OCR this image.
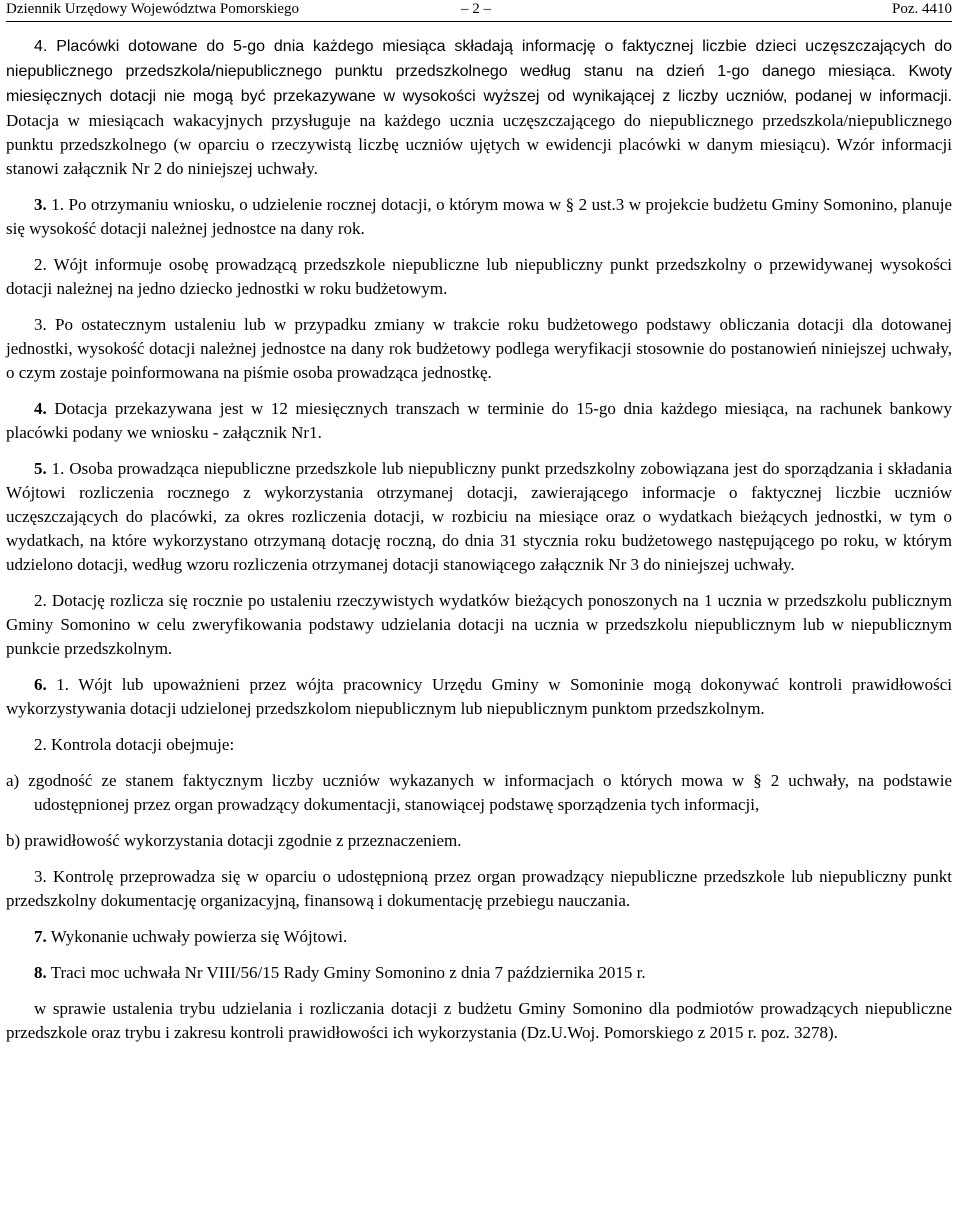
Dziennik Urzędowy Województwa Pomorskiego	– 2 –	Poz. 4410

4. Placówki dotowane do 5-go dnia każdego miesiąca składają informację o faktycznej liczbie dzieci uczęszczających do niepublicznego przedszkola/niepublicznego punktu przedszkolnego według stanu na dzień 1-go danego miesiąca. Kwoty miesięcznych dotacji nie mogą być przekazywane w wysokości wyższej od wynikającej z liczby uczniów, podanej w informacji. Dotacja w miesiącach wakacyjnych przysługuje na każdego ucznia uczęszczającego do niepublicznego przedszkola/niepublicznego punktu przedszkolnego (w oparciu o rzeczywistą liczbę uczniów ujętych w ewidencji placówki w danym miesiącu). Wzór informacji stanowi załącznik Nr 2 do niniejszej uchwały.

3. 1. Po otrzymaniu wniosku, o udzielenie rocznej dotacji, o którym mowa w § 2 ust.3 w projekcie budżetu Gminy Somonino, planuje się wysokość dotacji należnej jednostce na dany rok.

2. Wójt informuje osobę prowadzącą przedszkole niepubliczne lub niepubliczny punkt przedszkolny o przewidywanej wysokości dotacji należnej na jedno dziecko jednostki w roku budżetowym.

3. Po ostatecznym ustaleniu lub w przypadku zmiany w trakcie roku budżetowego podstawy obliczania dotacji dla dotowanej jednostki, wysokość dotacji należnej jednostce na dany rok budżetowy podlega weryfikacji stosownie do postanowień niniejszej uchwały, o czym zostaje poinformowana na piśmie osoba prowadząca jednostkę.

4. Dotacja przekazywana jest w 12 miesięcznych transzach w terminie do 15-go dnia każdego miesiąca, na rachunek bankowy placówki podany we wniosku - załącznik Nr1.

5. 1. Osoba prowadząca niepubliczne przedszkole lub niepubliczny punkt przedszkolny zobowiązana jest do sporządzania i składania Wójtowi rozliczenia rocznego z wykorzystania otrzymanej dotacji, zawierającego informacje o faktycznej liczbie uczniów uczęszczających do placówki, za okres rozliczenia dotacji, w rozbiciu na miesiące oraz o wydatkach bieżących jednostki, w tym o wydatkach, na które wykorzystano otrzymaną dotację roczną, do dnia 31 stycznia roku budżetowego następującego po roku, w którym udzielono dotacji, według wzoru rozliczenia otrzymanej dotacji stanowiącego załącznik Nr 3 do niniejszej uchwały.

2. Dotację rozlicza się rocznie po ustaleniu rzeczywistych wydatków bieżących ponoszonych na 1 ucznia w przedszkolu publicznym Gminy Somonino w celu zweryfikowania podstawy udzielania dotacji na ucznia w przedszkolu niepublicznym lub w niepublicznym punkcie przedszkolnym.

6. 1. Wójt lub upoważnieni przez wójta pracownicy Urzędu Gminy w Somoninie mogą dokonywać kontroli prawidłowości wykorzystywania dotacji udzielonej przedszkolom niepublicznym lub niepublicznym punktom przedszkolnym.

2. Kontrola dotacji obejmuje:

a) zgodność ze stanem faktycznym liczby uczniów wykazanych w informacjach o których mowa w § 2 uchwały, na podstawie udostępnionej przez organ prowadzący dokumentacji, stanowiącej podstawę sporządzenia tych informacji,

b) prawidłowość wykorzystania dotacji zgodnie z przeznaczeniem.

3. Kontrolę przeprowadza się w oparciu o udostępnioną przez organ prowadzący niepubliczne przedszkole lub niepubliczny punkt przedszkolny dokumentację organizacyjną, finansową i dokumentację przebiegu nauczania.

7. Wykonanie uchwały powierza się Wójtowi.

8. Traci moc uchwała Nr VIII/56/15 Rady Gminy Somonino z dnia 7 października 2015 r.

w sprawie ustalenia trybu udzielania i rozliczania dotacji z budżetu Gminy Somonino dla podmiotów prowadzących niepubliczne przedszkole oraz trybu i zakresu kontroli prawidłowości ich wykorzystania (Dz.U.Woj. Pomorskiego z 2015 r. poz. 3278).
